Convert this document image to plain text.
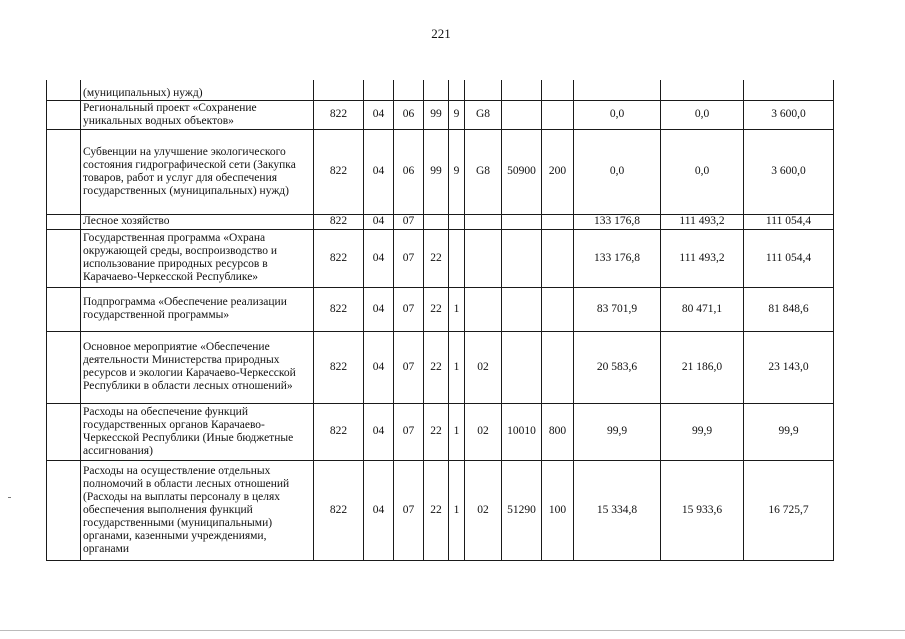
221
	(муниципальных) нужд)											
	Региональный проект «Сохранение уникальных водных объектов»	822	04	06	99	9	G8			0,0	0,0	3 600,0
	Субвенции на улучшение экологического состояния гидрографической сети (Закупка товаров, работ и услуг для обеспечения государственных (муниципальных) нужд)	822	04	06	99	9	G8	50900	200	0,0	0,0	3 600,0
	Лесное хозяйство	822	04	07						133 176,8	111 493,2	111 054,4
	Государственная программа «Охрана окружающей среды, воспроизводство и использование природных ресурсов в Карачаево-Черкесской Республике»	822	04	07	22					133 176,8	111 493,2	111 054,4
	Подпрограмма «Обеспечение реализации государственной программы»	822	04	07	22	1				83 701,9	80 471,1	81 848,6
	Основное мероприятие «Обеспечение деятельности Министерства природных ресурсов и экологии Карачаево-Черкесской Республики в области лесных отношений»	822	04	07	22	1	02			20 583,6	21 186,0	23 143,0
	Расходы на обеспечение функций государственных органов Карачаево-Черкесской Республики (Иные бюджетные ассигнования)	822	04	07	22	1	02	10010	800	99,9	99,9	99,9
	Расходы на осуществление отдельных полномочий в области лесных отношений (Расходы на выплаты персоналу в целях обеспечения выполнения функций государственными (муниципальными) органами, казенными учреждениями, органами	822	04	07	22	1	02	51290	100	15 334,8	15 933,6	16 725,7
